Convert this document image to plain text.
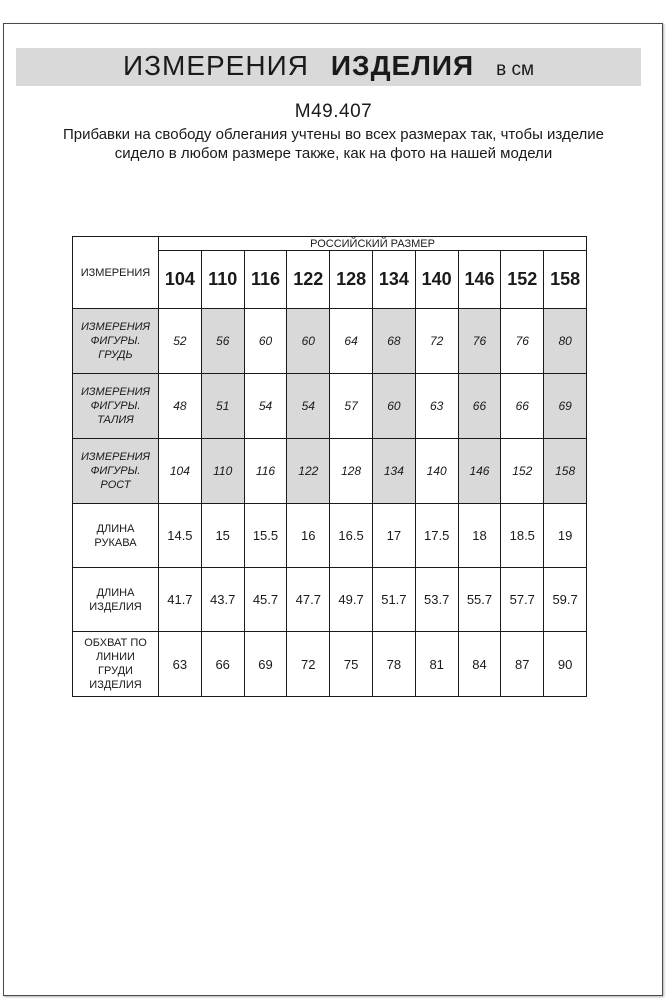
ИЗМЕРЕНИЯ ИЗДЕЛИЯ в см
М49.407
Прибавки на свободу облегания учтены во всех размерах так, чтобы изделие сидело в любом размере также, как на фото на нашей модели
ИЗМЕРЕНИЯ	РОССИЙСКИЙ РАЗМЕР									
	104	110	116	122	128	134	140	146	152	158
ИЗМЕРЕНИЯ
ФИГУРЫ.
ГРУДЬ	52	56	60	60	64	68	72	76	76	80
ИЗМЕРЕНИЯ
ФИГУРЫ.
ТАЛИЯ	48	51	54	54	57	60	63	66	66	69
ИЗМЕРЕНИЯ
ФИГУРЫ.
РОСТ	104	110	116	122	128	134	140	146	152	158
ДЛИНА
РУКАВА	14.5	15	15.5	16	16.5	17	17.5	18	18.5	19
ДЛИНА
ИЗДЕЛИЯ	41.7	43.7	45.7	47.7	49.7	51.7	53.7	55.7	57.7	59.7
ОБХВАТ ПО
ЛИНИИ
ГРУДИ
ИЗДЕЛИЯ	63	66	69	72	75	78	81	84	87	90
